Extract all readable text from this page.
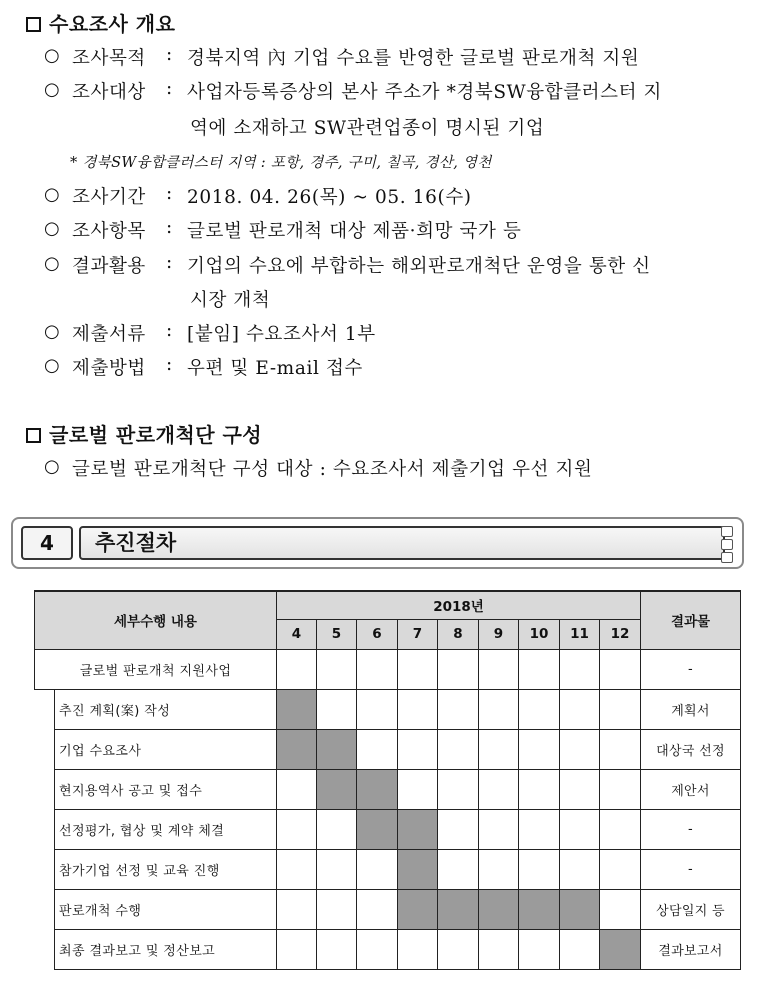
수요조사 개요
○ 조사목적 : 경북지역 內 기업 수요를 반영한 글로벌 판로개척 지원
○ 조사대상 : 사업자등록증상의 본사 주소가 *경북SW융합클러스터 지
역에 소재하고 SW관련업종이 명시된 기업
○ 조사기간 : 2018. 04. 26(목) ~ 05. 16(수)
○ 조사항목 : 글로벌 판로개척 대상 제품·희망 국가 등
○ 결과활용 : 기업의 수요에 부합하는 해외판로개척단 운영을 통한 신
시장 개척
○ 제출서류 : [붙임] 수요조사서 1부
○ 제출방법 : 우편 및 E-mail 접수
* 경북SW융합클러스터 지역 : 포항, 경주, 구미, 칠곡, 경산, 영천
글로벌 판로개척단 구성
○ 글로벌 판로개척단 구성 대상 : 수요조사서 제출기업 우선 지원
4	추진절차
세부수행 내용		2018년									결과물
		4	5	6	7	8	9	10	11	12	
글로벌 판로개척 지원사업											-
	추진 계획(案) 작성										계획서
	기업 수요조사										대상국 선정
	현지용역사 공고 및 접수										제안서
	선정평가, 협상 및 계약 체결										-
	참가기업 선정 및 교육 진행										-
	판로개척 수행										상담일지 등
	최종 결과보고 및 정산보고										결과보고서
